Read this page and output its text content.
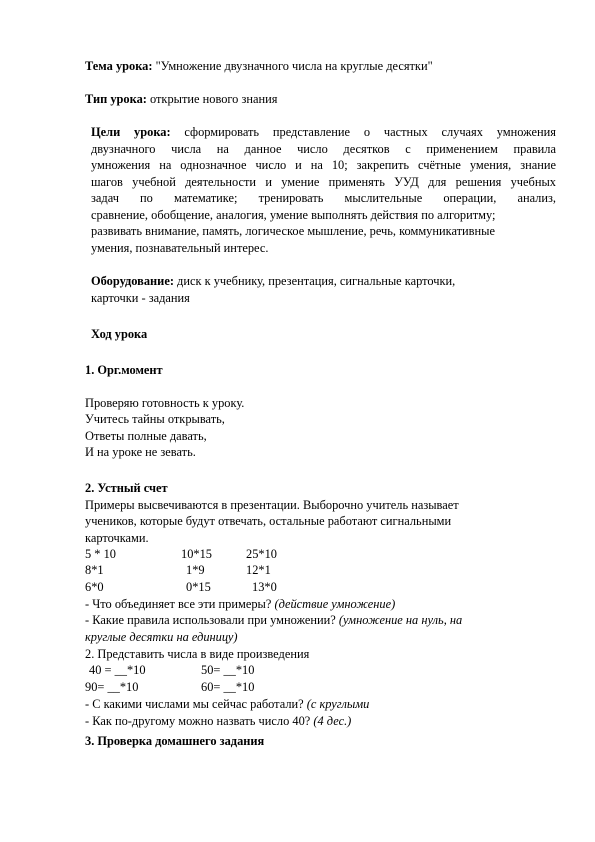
Тема урока: "Умножение двузначного числа на круглые десятки"
Тип урока: открытие нового знания
Цели урока: сформировать представление о частных случаях умножения
двузначного числа на данное число десятков с применением правила
умножения на однозначное число и на 10; закрепить счётные умения, знание
шагов учебной деятельности и умение применять УУД для решения учебных
задач по математике; тренировать мыслительные операции, анализ,
сравнение, обобщение, аналогия, умение выполнять действия по алгоритму;
развивать внимание, память, логическое мышление, речь, коммуникативные
умения, познавательный интерес.
Оборудование: диск к учебнику, презентация, сигнальные карточки,
карточки - задания
Ход урока
1. Орг.момент
Проверяю готовность к уроку.
Учитесь тайны открывать,
Ответы полные давать,
И на уроке не зевать.
2. Устный счет
Примеры высвечиваются в презентации. Выборочно учитель называет
учеников, которые будут отвечать, остальные работают сигнальными
карточками.
5 * 10	10*15	25*10
8*1	1*9	12*1
6*0	0*15	13*0
- Что объединяет все эти примеры? (действие умножение)
- Какие правила использовали при умножении? (умножение на нуль, на
круглые десятки на единицу)
2. Представить числа в виде произведения
40 = __*10	50= __*10
90= __*10	60= __*10
- С какими числами мы сейчас работали? (с круглыми
- Как по-другому можно назвать число 40? (4 дес.)
3. Проверка домашнего задания
